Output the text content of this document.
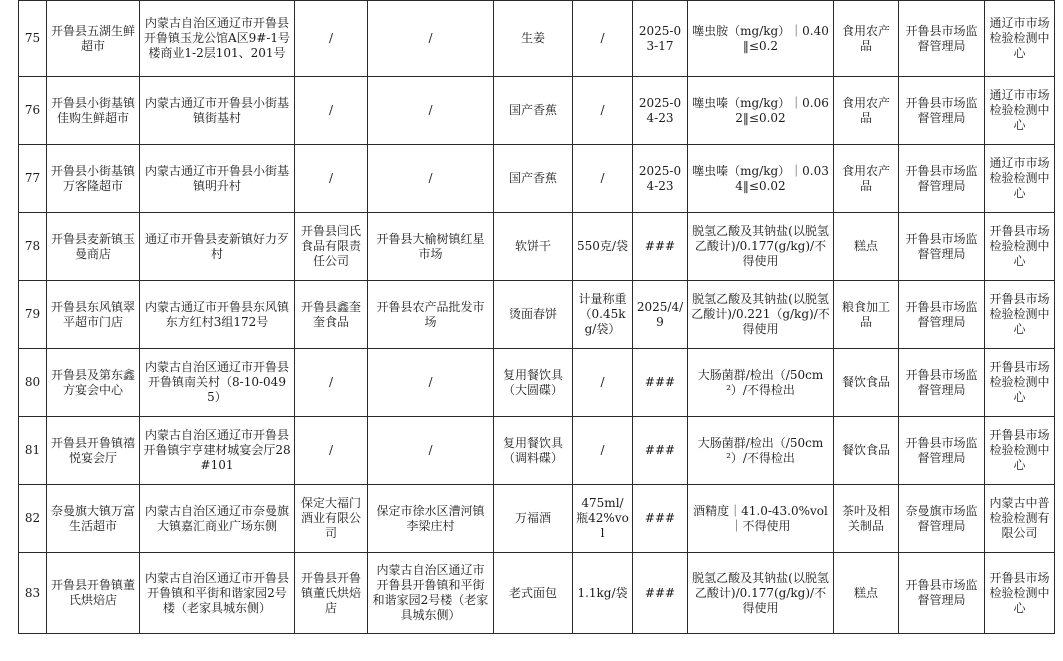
75	开鲁县五湖生鲜超市	内蒙古自治区通辽市开鲁县开鲁镇玉龙公馆A区9#-1号楼商业1-2层101、201号	/	/	生姜	/	2025-03-17	噻虫胺（mg/kg）｜0.40‖≤0.2	食用农产品	开鲁县市场监督管理局	通辽市市场检验检测中心
76	开鲁县小街基镇佳购生鲜超市	内蒙古通辽市开鲁县小街基镇街基村	/	/	国产香蕉	/	2025-04-23	噻虫嗪（mg/kg）｜0.062‖≤0.02	食用农产品	开鲁县市场监督管理局	通辽市市场检验检测中心
77	开鲁县小街基镇万客隆超市	内蒙古通辽市开鲁县小街基镇明升村	/	/	国产香蕉	/	2025-04-23	噻虫嗪（mg/kg）｜0.034‖≤0.02	食用农产品	开鲁县市场监督管理局	通辽市市场检验检测中心
78	开鲁县麦新镇玉曼商店	通辽市开鲁县麦新镇好力歹村	开鲁县闫氏食品有限责任公司	开鲁县大榆树镇红星市场	软饼干	550克/袋	###	脱氢乙酸及其钠盐(以脱氢乙酸计)/0.177(g/kg)/不得使用	糕点	开鲁县市场监督管理局	开鲁县市场检验检测中心
79	开鲁县东风镇翠平超市门店	内蒙古通辽市开鲁县东风镇东方红村3组172号	开鲁县鑫奎奎食品	开鲁县农产品批发市场	烫面春饼	计量称重（0.45kg/袋）	2025/4/9	脱氢乙酸及其钠盐(以脱氢乙酸计)/0.221（g/kg)/不得使用	粮食加工品	开鲁县市场监督管理局	开鲁县市场检验检测中心
80	开鲁县及第东鑫方宴会中心	内蒙古自治区通辽市开鲁县开鲁镇南关村（8-10-0495）	/	/	复用餐饮具（大圆碟）	/	###	大肠菌群/检出（/50cm²）/不得检出	餐饮食品	开鲁县市场监督管理局	开鲁县市场检验检测中心
81	开鲁县开鲁镇禧悦宴会厅	内蒙古自治区通辽市开鲁县开鲁镇宇亨建材城宴会厅28#101	/	/	复用餐饮具（调料碟）	/	###	大肠菌群/检出（/50cm²）/不得检出	餐饮食品	开鲁县市场监督管理局	开鲁县市场检验检测中心
82	奈曼旗大镇万富生活超市	内蒙古自治区通辽市奈曼旗大镇嘉汇商业广场东侧	保定大福门酒业有限公司	保定市徐水区漕河镇李梁庄村	万福酒	475ml/瓶42%vol	###	酒精度｜41.0-43.0%vol｜不得使用	茶叶及相关制品	奈曼旗市场监督管理局	内蒙古中普检验检测有限公司
83	开鲁县开鲁镇董氏烘焙店	内蒙古自治区通辽市开鲁县开鲁镇和平街和谐家园2号楼（老家具城东侧）	开鲁县开鲁镇董氏烘焙店	内蒙古自治区通辽市开鲁县开鲁镇和平街和谐家园2号楼（老家具城东侧）	老式面包	1.1kg/袋	###	脱氢乙酸及其钠盐(以脱氢乙酸计)/0.177(g/kg)/不得使用	糕点	开鲁县市场监督管理局	开鲁县市场检验检测中心
